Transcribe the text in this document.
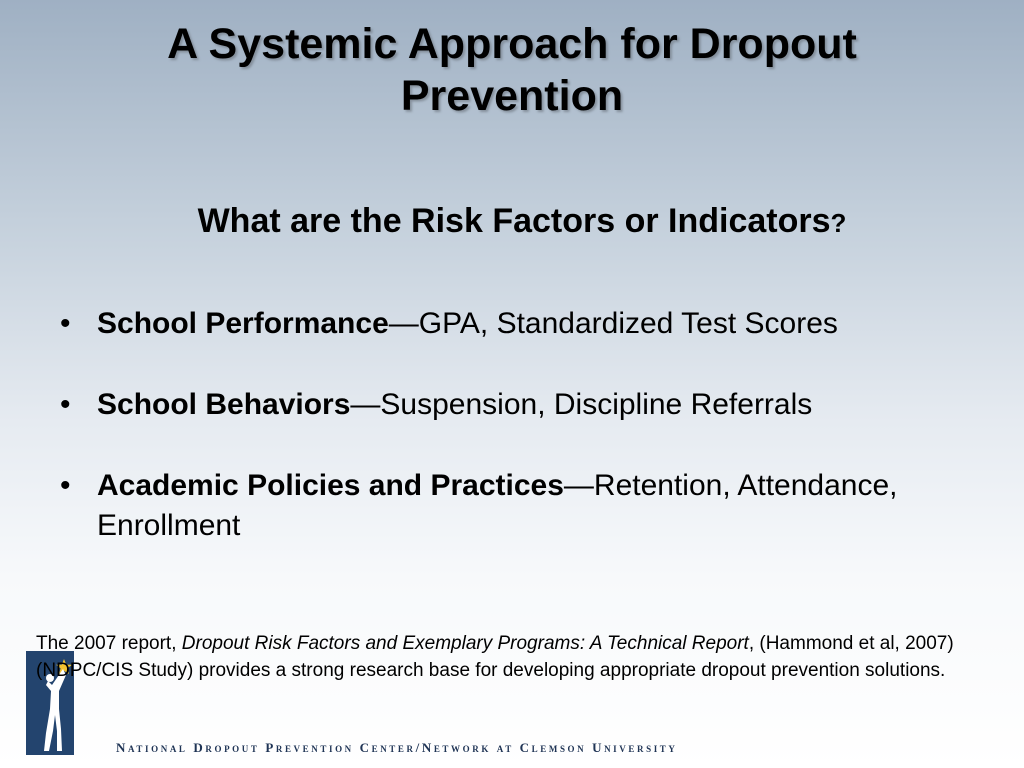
A Systemic Approach for Dropout
Prevention
What are the Risk Factors or Indicators?
• School Performance—GPA, Standardized Test Scores
• School Behaviors—Suspension, Discipline Referrals
• Academic Policies and Practices—Retention, Attendance, Enrollment

The 2007 report, Dropout Risk Factors and Exemplary Programs: A Technical Report, (Hammond et al, 2007) (NDPC/CIS Study) provides a strong research base for developing appropriate dropout prevention solutions.

National Dropout Prevention Center/Network at Clemson University
